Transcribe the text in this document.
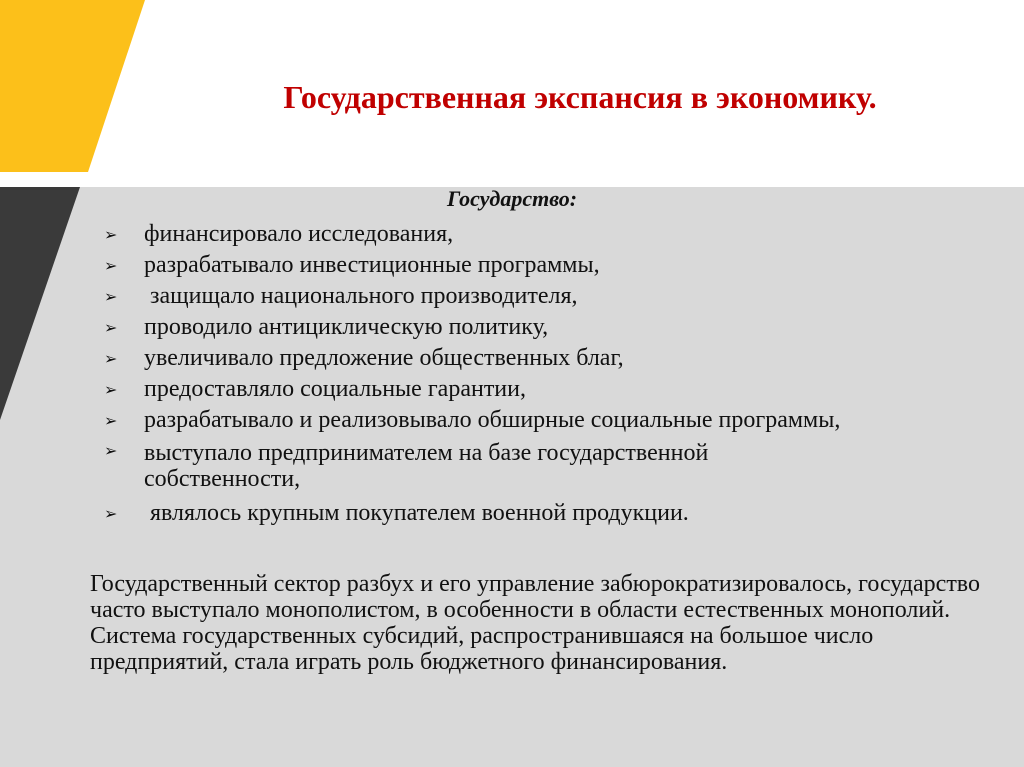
Государственная экспансия в экономику.
Государство:
➢ финансировало исследования,
➢ разрабатывало инвестиционные программы,
➢ защищало национального производителя,
➢ проводило антициклическую политику,
➢ увеличивало предложение общественных благ,
➢ предоставляло социальные гарантии,
➢ разрабатывало и реализовывало обширные социальные программы,
➢ выступало предпринимателем на базе государственной собственности,
➢ являлось крупным покупателем военной продукции.

Государственный сектор разбух и его управление забюрократизировалось, государство часто выступало монополистом, в особенности в области естественных монополий. Система государственных субсидий, распространившаяся на большое число предприятий, стала играть роль бюджетного финансирования.
